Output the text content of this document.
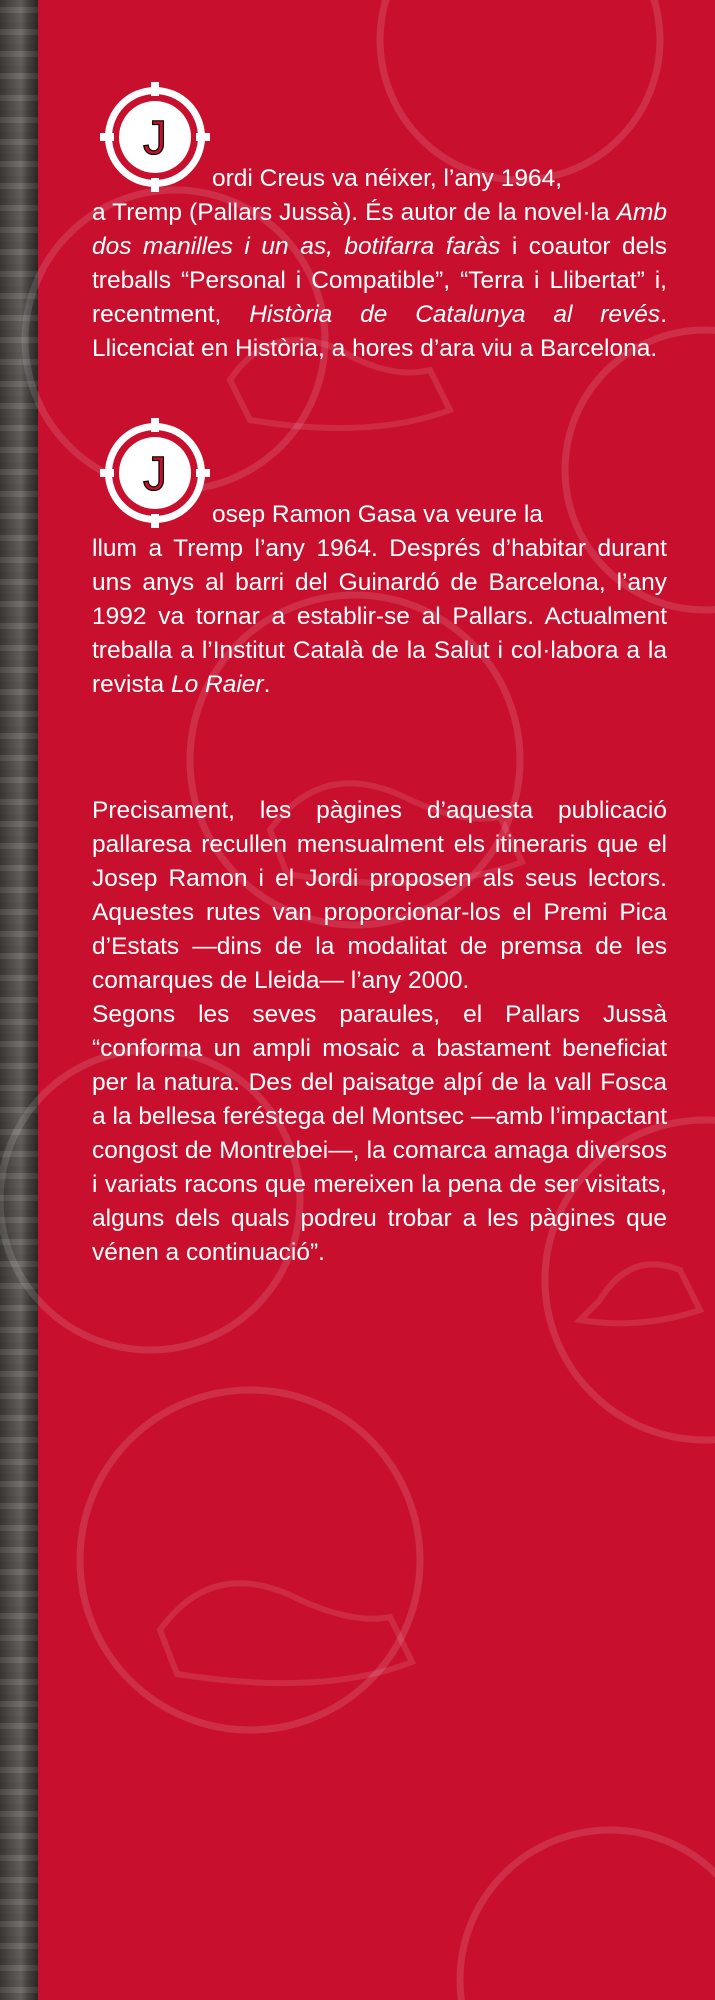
J

ordi Creus va néixer, l’any 1964,
a Tremp (Pallars Jussà). És autor de la novel·la Amb dos manilles i un as, botifarra faràs i coautor dels treballs “Personal i Compatible”, “Terra i Llibertat” i, recentment, Història de Catalunya al revés. Llicenciat en Història, a hores d’ara viu a Barcelona.

J

osep Ramon Gasa va veure la
llum a Tremp l’any 1964. Després d’habitar durant uns anys al barri del Guinardó de Barcelona, l’any 1992 va tornar a establir-se al Pallars. Actualment treballa a l’Institut Català de la Salut i col·labora a la revista Lo Raier.

Precisament, les pàgines d’aquesta publicació pallaresa recullen mensualment els itineraris que el Josep Ramon i el Jordi proposen als seus lectors. Aquestes rutes van proporcionar-los el Premi Pica d’Estats —dins de la modalitat de premsa de les comarques de Lleida— l’any 2000.

Segons les seves paraules, el Pallars Jussà “conforma un ampli mosaic a bastament beneficiat per la natura. Des del paisatge alpí de la vall Fosca a la bellesa feréstega del Montsec —amb l’impactant congost de Montrebei—, la comarca amaga diversos i variats racons que mereixen la pena de ser visitats, alguns dels quals podreu trobar a les pàgines que vénen a continuació”.
